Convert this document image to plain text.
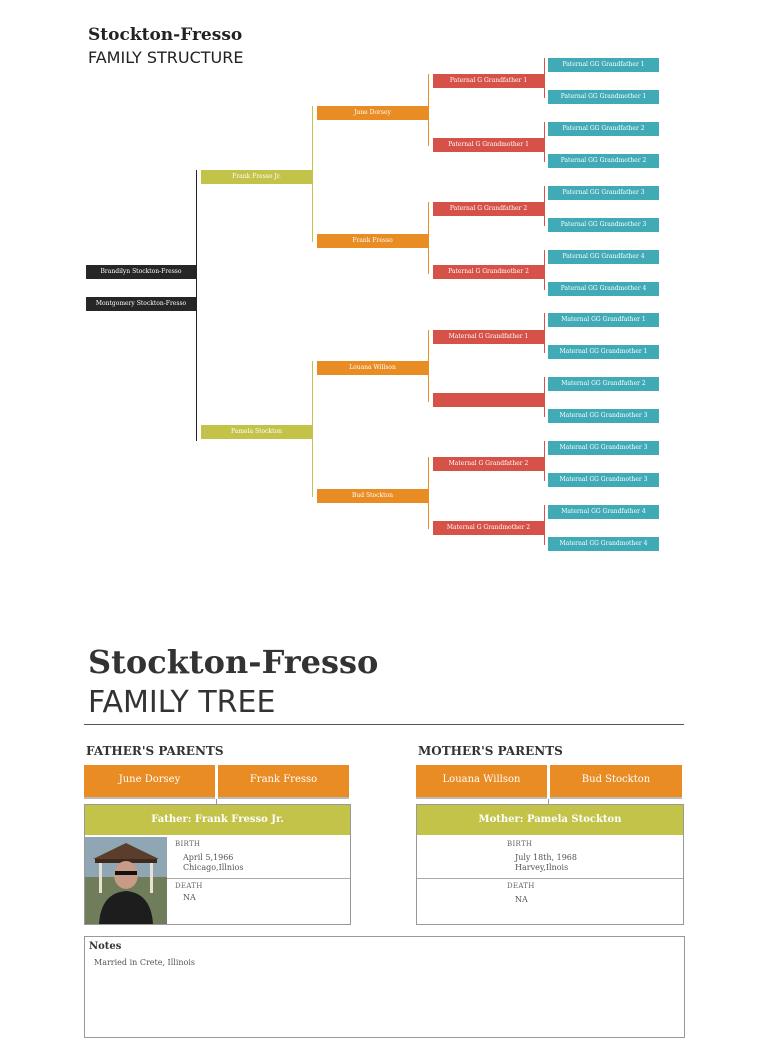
Stockton-Fresso
FAMILY STRUCTURE
Brandilyn Stockton-Fresso
Montgomery Stockton-Fresso
Frank Fresso Jr.
Pamela Stockton
June Dorsey
Frank Fresso
Louana Willson
Bud Stockton
Paternal G Grandfather 1
Paternal G Grandmother 1
Paternal G Grandfather 2
Paternal G Grandmother 2
Maternal G Grandfather 1
Maternal G Grandfather 2
Maternal G Grandmother 2
Paternal GG Grandfather 1
Paternal GG Grandmother 1
Paternal GG Grandfather 2
Paternal GG Grandmother 2
Paternal GG Grandfather 3
Paternal GG Grandmother 3
Paternal GG Grandfather 4
Paternal GG Grandmother 4
Maternal GG Grandfather 1
Maternal GG Grandmother 1
Maternal GG Grandfather 2
Maternal GG Grandmother 3
Maternal GG Grandmother 3
Maternal GG Grandmother 3
Maternal GG Grandfather 4
Maternal GG Grandmother 4
Stockton-Fresso
FAMILY TREE
FATHER'S PARENTS	MOTHER'S PARENTS
June Dorsey	Frank Fresso	Louana Willson	Bud Stockton
Father: Frank Fresso Jr.
BIRTH
April 5,1966
Chicago,Illnios
DEATH
NA
Mother: Pamela Stockton
BIRTH
July 18th, 1968
Harvey,Ilnois
DEATH
NA
Notes
Married in Crete, Illinois
